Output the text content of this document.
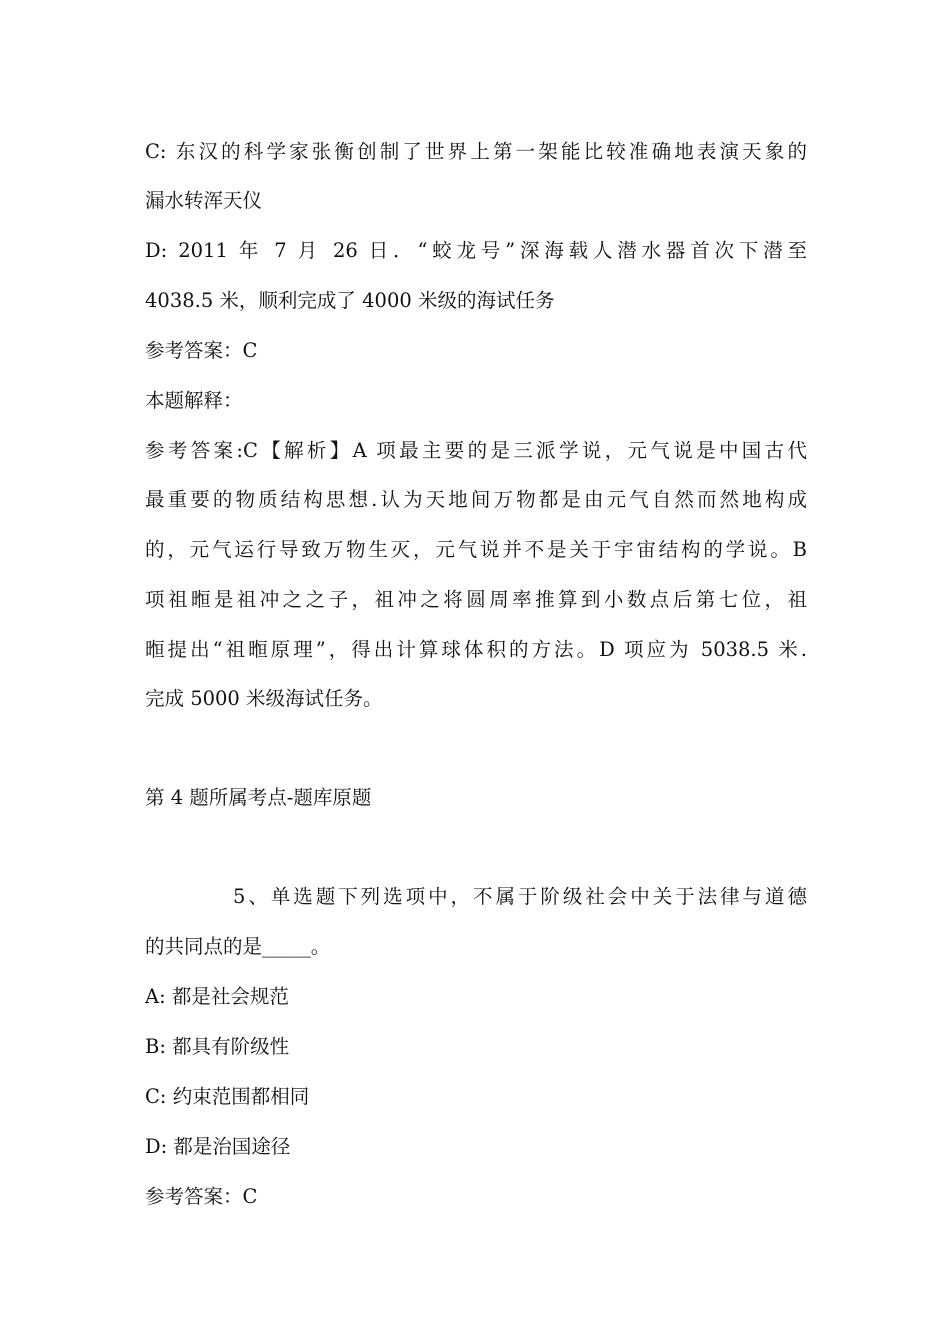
C: 东汉的科学家张衡创制了世界上第一架能比较准确地表演天象的
漏水转浑天仪
D: 2011 年 7 月 26 日．“蛟龙号”深海载人潜水器首次下潜至
4038.5 米，顺利完成了 4000 米级的海试任务
参考答案：C
本题解释：
参考答案:C【解析】A 项最主要的是三派学说，元气说是中国古代
最重要的物质结构思想.认为天地间万物都是由元气自然而然地构成
的，元气运行导致万物生灭，元气说并不是关于宇宙结构的学说。B
项祖暅是祖冲之之子，祖冲之将圆周率推算到小数点后第七位，祖
暅提出“祖暅原理”，得出计算球体积的方法。D 项应为 5038.5 米.
完成 5000 米级海试任务。
第 4 题所属考点-题库原题
5、单选题下列选项中，不属于阶级社会中关于法律与道德
的共同点的是_____。
A: 都是社会规范
B: 都具有阶级性
C: 约束范围都相同
D: 都是治国途径
参考答案：C
